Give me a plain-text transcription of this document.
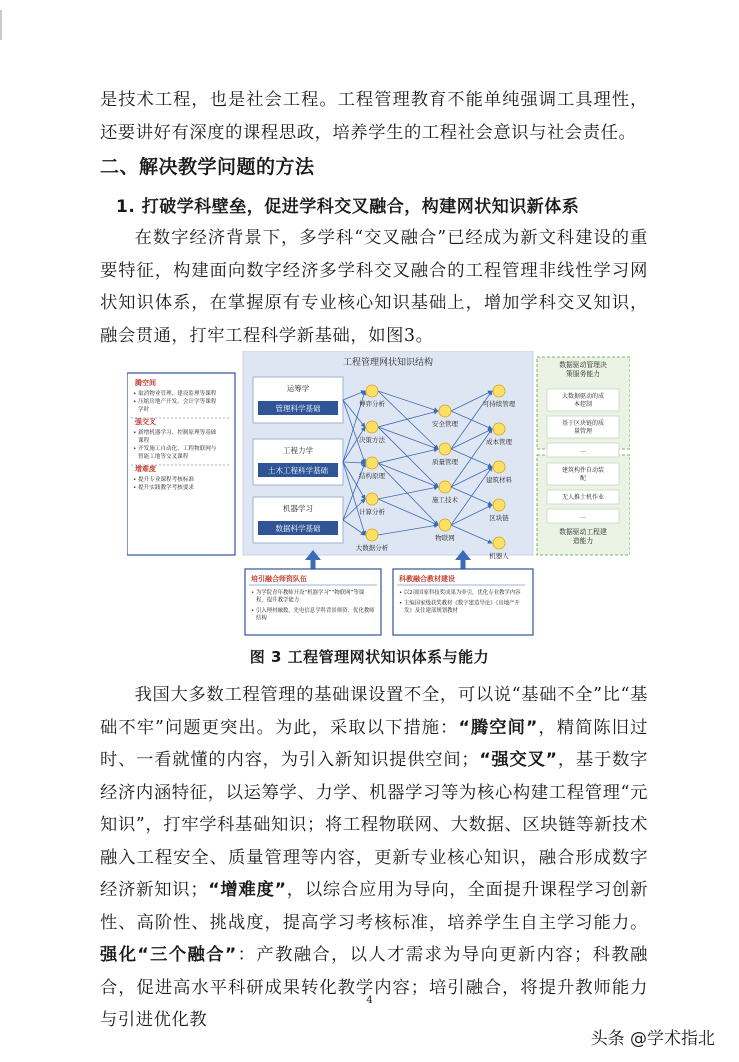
是技术工程，也是社会工程。工程管理教育不能单纯强调工具理性，还要讲好有深度的课程思政，培养学生的工程社会意识与社会责任。

二、解决教学问题的方法
1. 打破学科壁垒，促进学科交叉融合，构建网状知识新体系

在数字经济背景下，多学科“交叉融合”已经成为新文科建设的重要特征，构建面向数字经济多学科交叉融合的工程管理非线性学习网状知识体系，在掌握原有专业核心知识基础上，增加学科交叉知识，融会贯通，打牢工程科学新基础，如图3。

工程管理网状知识结构
腾空间
• 取消物业管理、建设监理等课程
• 压缩房地产开发、会计学等课程
学时
强交叉
• 新增机器学习、控制原理等基础
课程
• 开发施工自动化、工程物联网与
智能工地等交叉课程
增难度
• 提升专业课程考核标准
• 提升实践教学考核要求
运筹学
管理科学基础
工程力学
土木工程科学基础
机器学习
数据科学基础
博弈分析
决策方法
结构原理
计算分析
大数据分析
安全管理
质量管理
施工技术
物联网
可持续管理
成本管理
建筑材料
区块链
机器人
数据驱动管理决
策服务能力
大数据驱动的成
本控制
基于区块链的质
量管理
…
建筑构件自动装
配
无人推土机作业
…
数据驱动工程建
造能力
培引融合师资队伍
• 为学院青年教师开设“机器学习”“物联网”等课
程，提升教学能力
• 引入理材融数，先电信息学科背景师资，优化教师
结构
科教融合教材建设
• 以2项国家科技奖成果为牵引，优化专业教学内容
• 主编国家级获奖教材《数字建造导论》《房地产开
发》及住建部规划教材
图 3 工程管理网状知识体系与能力

我国大多数工程管理的基础课设置不全，可以说“基础不全”比“基础不牢”问题更突出。为此，采取以下措施：“腾空间”，精简陈旧过时、一看就懂的内容，为引入新知识提供空间；“强交叉”，基于数字经济内涵特征，以运筹学、力学、机器学习等为核心构建工程管理“元知识”，打牢学科基础知识；将工程物联网、大数据、区块链等新技术融入工程安全、质量管理等内容，更新专业核心知识，融合形成数字经济新知识；“增难度”，以综合应用为导向，全面提升课程学习创新性、高阶性、挑战度，提高学习考核标准，培养学生自主学习能力。强化“三个融合”：产教融合，以人才需求为导向更新内容；科教融合，促进高水平科研成果转化教学内容；培引融合，将提升教师能力与引进优化教

4
头条 @学术指北
